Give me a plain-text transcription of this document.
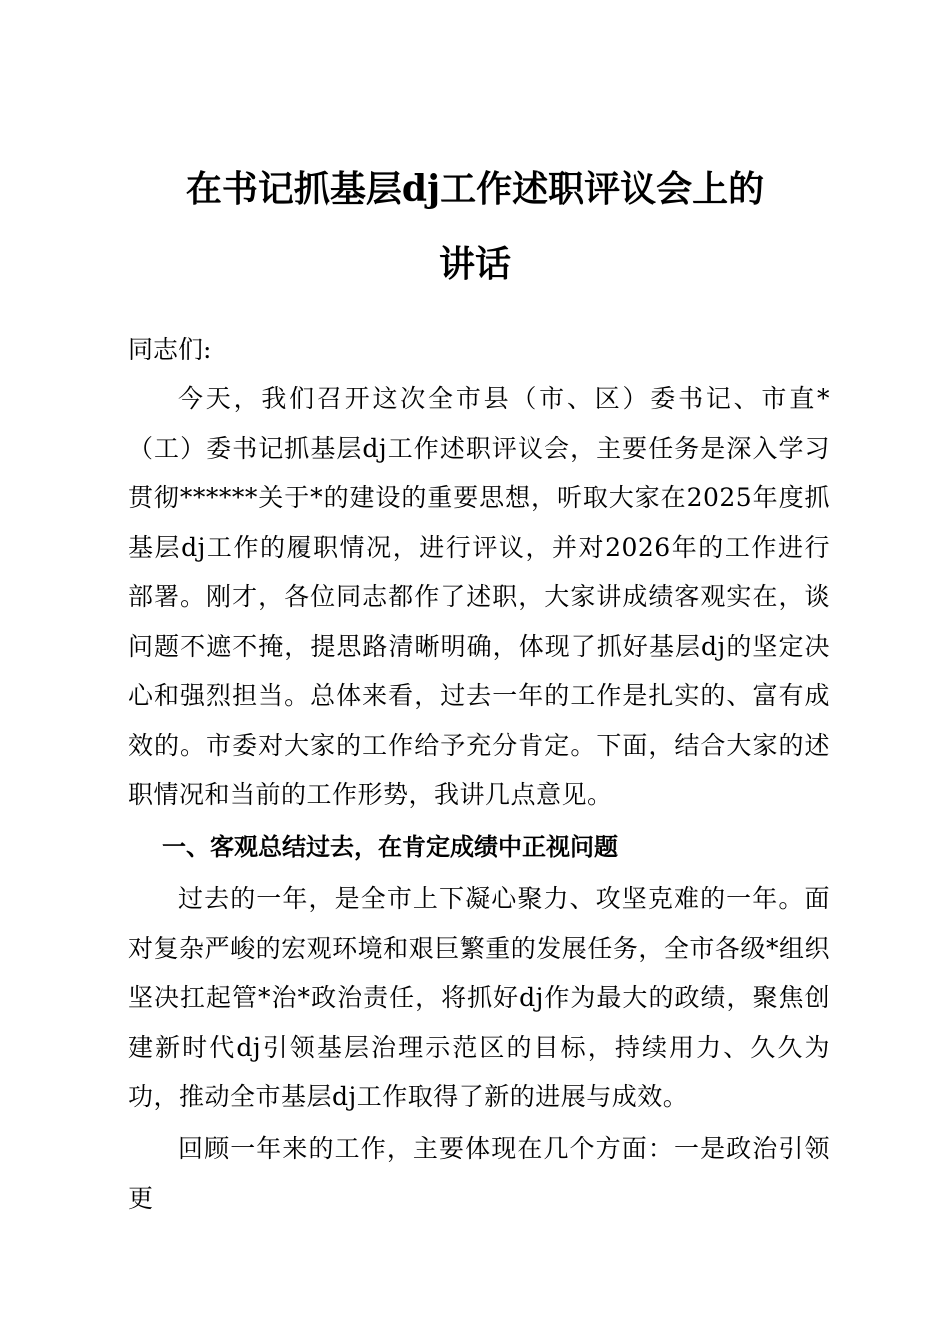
在书记抓基层dj工作述职评议会上的
讲话
同志们:

今天，我们召开这次全市县（市、区）委书记、市直*（工）委书记抓基层dj工作述职评议会，主要任务是深入学习贯彻******关于*的建设的重要思想，听取大家在2025年度抓基层dj工作的履职情况，进行评议，并对2026年的工作进行部署。刚才，各位同志都作了述职，大家讲成绩客观实在，谈问题不遮不掩，提思路清晰明确，体现了抓好基层dj的坚定决心和强烈担当。总体来看，过去一年的工作是扎实的、富有成效的。市委对大家的工作给予充分肯定。下面，结合大家的述职情况和当前的工作形势，我讲几点意见。

一、客观总结过去，在肯定成绩中正视问题

过去的一年，是全市上下凝心聚力、攻坚克难的一年。面对复杂严峻的宏观环境和艰巨繁重的发展任务，全市各级*组织坚决扛起管*治*政治责任，将抓好dj作为最大的政绩，聚焦创建新时代dj引领基层治理示范区的目标，持续用力、久久为功，推动全市基层dj工作取得了新的进展与成效。

回顾一年来的工作，主要体现在几个方面：一是政治引领更
